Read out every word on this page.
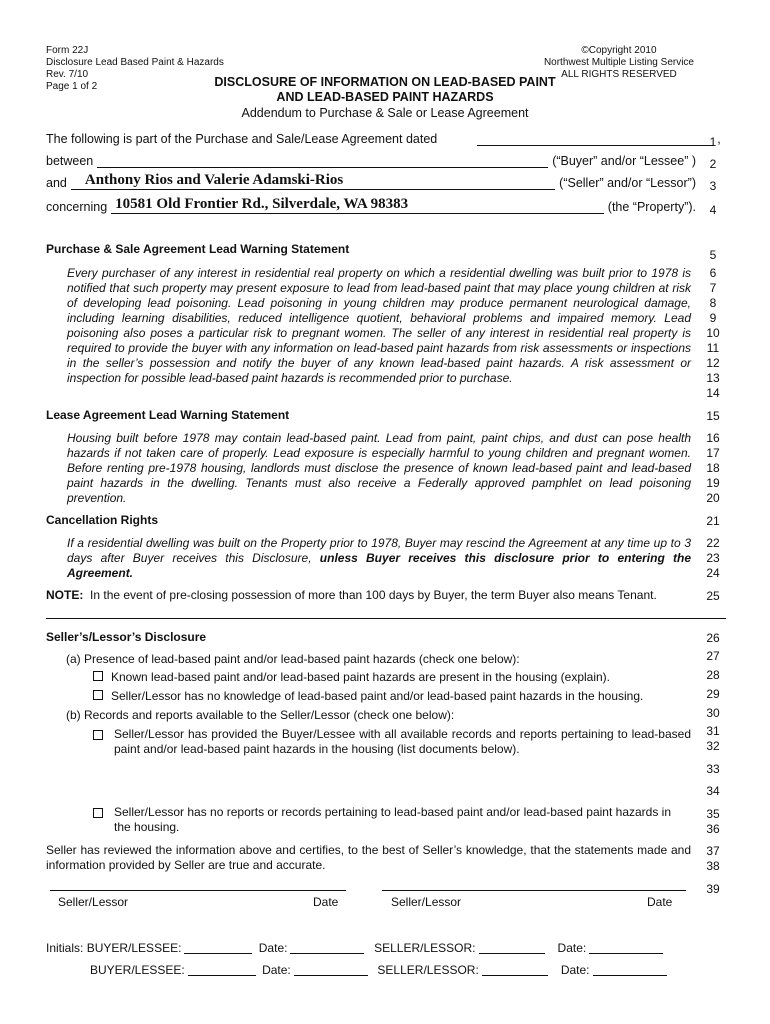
Form 22J
Disclosure Lead Based Paint & Hazards
Rev. 7/10
Page 1 of 2
©Copyright 2010
Northwest Multiple Listing Service
ALL RIGHTS RESERVED
DISCLOSURE OF INFORMATION ON LEAD-BASED PAINT
AND LEAD-BASED PAINT HAZARDS
Addendum to Purchase & Sale or Lease Agreement
The following is part of the Purchase and Sale/Lease Agreement dated	,
between	(“Buyer” and/or “Lessee” )
and Anthony Rios and Valerie Adamski-Rios	(“Seller” and/or “Lessor”)
concerning 10581 Old Frontier Rd., Silverdale, WA 98383	(the “Property”).
Purchase & Sale Agreement Lead Warning Statement
Every purchaser of any interest in residential real property on which a residential dwelling was built prior to 1978 is notified that such property may present exposure to lead from lead-based paint that may place young children at risk of developing lead poisoning. Lead poisoning in young children may produce permanent neurological damage, including learning disabilities, reduced intelligence quotient, behavioral problems and impaired memory. Lead poisoning also poses a particular risk to pregnant women. The seller of any interest in residential real property is required to provide the buyer with any information on lead-based paint hazards from risk assessments or inspections in the seller’s possession and notify the buyer of any known lead-based paint hazards. A risk assessment or inspection for possible lead-based paint hazards is recommended prior to purchase.
Lease Agreement Lead Warning Statement
Housing built before 1978 may contain lead-based paint. Lead from paint, paint chips, and dust can pose health hazards if not taken care of properly. Lead exposure is especially harmful to young children and pregnant women. Before renting pre-1978 housing, landlords must disclose the presence of known lead-based paint and lead-based paint hazards in the dwelling. Tenants must also receive a Federally approved pamphlet on lead poisoning prevention.
Cancellation Rights
If a residential dwelling was built on the Property prior to 1978, Buyer may rescind the Agreement at any time up to 3 days after Buyer receives this Disclosure, unless Buyer receives this disclosure prior to entering the Agreement.
NOTE: In the event of pre-closing possession of more than 100 days by Buyer, the term Buyer also means Tenant.
Seller’s/Lessor’s Disclosure
(a) Presence of lead-based paint and/or lead-based paint hazards (check one below):
Known lead-based paint and/or lead-based paint hazards are present in the housing (explain).
Seller/Lessor has no knowledge of lead-based paint and/or lead-based paint hazards in the housing.
(b) Records and reports available to the Seller/Lessor (check one below):
Seller/Lessor has provided the Buyer/Lessee with all available records and reports pertaining to lead-based paint and/or lead-based paint hazards in the housing (list documents below).
Seller/Lessor has no reports or records pertaining to lead-based paint and/or lead-based paint hazards in the housing.
Seller has reviewed the information above and certifies, to the best of Seller’s knowledge, that the statements made and information provided by Seller are true and accurate.
Seller/Lessor	Date	Seller/Lessor	Date
Initials: BUYER/LESSEE:	Date:	SELLER/LESSOR:	Date:
BUYER/LESSEE:	Date:	SELLER/LESSOR:	Date:
1
2
3
4
5
6
7
8
9
10
11
12
13
14
15
16
17
18
19
20
21
22
23
24
25
26
27
28
29
30
31
32
33
34
35
36
37
38
39
